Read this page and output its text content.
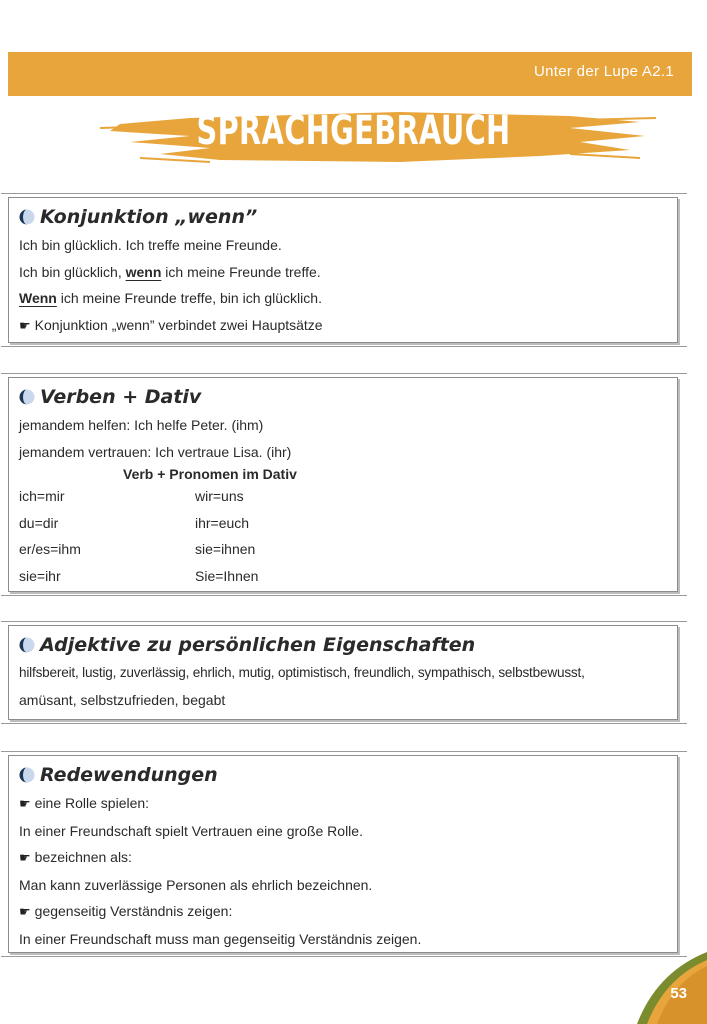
Unter der Lupe A2.1
SPRACHGEBRAUCH
Konjunktion „wenn”
Ich bin glücklich. Ich treffe meine Freunde.
Ich bin glücklich, wenn ich meine Freunde treffe.
Wenn ich meine Freunde treffe, bin ich glücklich.
☛ Konjunktion „wenn” verbindet zwei Hauptsätze
Verben + Dativ
jemandem helfen: Ich helfe Peter. (ihm)
jemandem vertrauen: Ich vertraue Lisa. (ihr)
Verb + Pronomen im Dativ
ich=mir	wir=uns
du=dir	ihr=euch
er/es=ihm	sie=ihnen
sie=ihr	Sie=Ihnen
Adjektive zu persönlichen Eigenschaften
hilfsbereit, lustig, zuverlässig, ehrlich, mutig, optimistisch, freundlich, sympathisch, selbstbewusst,
amüsant, selbstzufrieden, begabt
Redewendungen
☛ eine Rolle spielen:
In einer Freundschaft spielt Vertrauen eine große Rolle.
☛ bezeichnen als:
Man kann zuverlässige Personen als ehrlich bezeichnen.
☛ gegenseitig Verständnis zeigen:
In einer Freundschaft muss man gegenseitig Verständnis zeigen.
53
